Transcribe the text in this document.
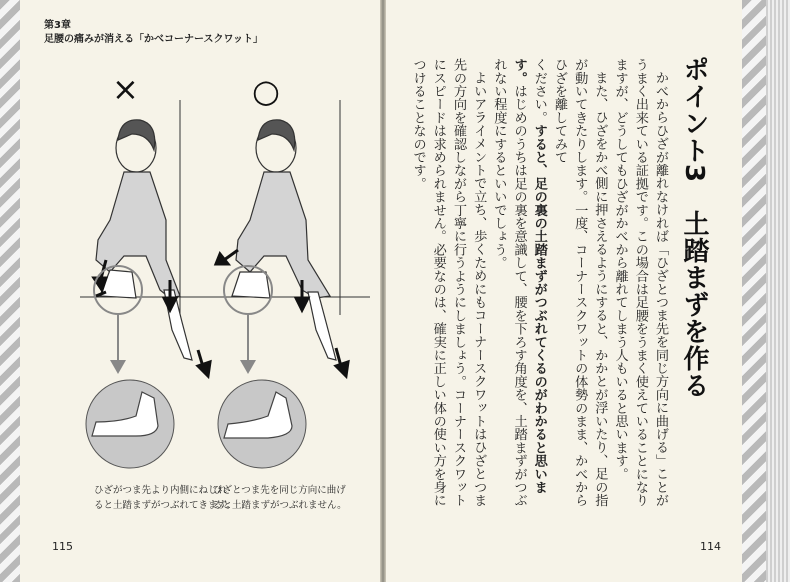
第3章
足腰の痛みが消える「かべコーナースクワット」
×	○
ひざがつま先より内側にねじれ
ると土踏まずがつぶれてきます。
ひざとつま先を同じ方向に曲げ
ると土踏まずがつぶれません。
115
ポイント3　土踏まずを作る

かべからひざが離れなければ「ひざとつま先を同じ方向に曲げる」ことがうまく出来ている証拠です。この場合は足腰をうまく使えていることになりますが、どうしてもひざがかべから離れてしまう人もいると思います。

また、ひざをかべ側に押さえるようにすると、かかとが浮いたり、足の指が動いてきたりします。一度、コーナースクワットの体勢のまま、かべからひざを離してみて

ください。すると、足の裏の土踏まずがつぶれてくるのがわかると思います。はじめのうちは足の裏を意識して、腰を下ろす角度を、土踏まずがつぶれない程度にするといいでしょう。

よいアライメントで立ち、歩くためにもコーナースクワットはひざとつま先の方向を確認しながら丁寧に行うようにしましょう。コーナースクワットにスピードは求められません。必要なのは、確実に正しい体の使い方を身につけることなのです。

114
